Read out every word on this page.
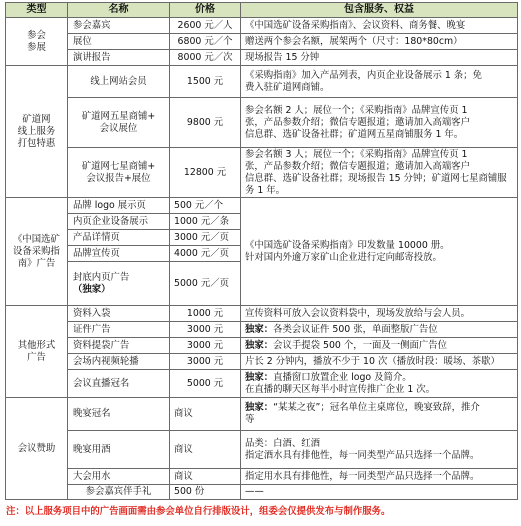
类型	名称	价格	包含服务、权益

参会
参展	参会嘉宾	2600 元／人	《中国选矿设备采购指南》、会议资料、商务餐、晚宴

	展位	6800 元／个	赠送两个参会名额，展架两个（尺寸：180*80cm）

	演讲报告	8000 元／次	现场报告 15 分钟

矿道网
线上服务
打包特惠	线上网站会员	1500 元	《采购指南》加入产品列表，内页企业设备展示 1 条；免
费入驻矿道网商铺。

	矿道网五星商铺+
会议展位	9800 元	参会名额 2 人；展位一个；《采购指南》品牌宣传页 1
张，产品参数介绍；微信专题报道；邀请加入高端客户
信息群、选矿设备社群；矿道网五星商铺服务 1 年。

	矿道网七星商铺+
会议报告+展位	12800 元	参会名额 3 人；展位一个；《采购指南》品牌宣传页 1
张，产品参数介绍；微信专题报道；邀请加入高端客户
信息群、选矿设备社群；现场报告 15 分钟；矿道网七星商铺服务 1 年。

《中国选矿
设备采购指
南》广告	品牌 logo 展示页	500 元／个	《中国选矿设备采购指南》印发数量 10000 册。
针对国内外逾万家矿山企业进行定向邮寄投放。

	内页企业设备展示	1000 元／条	
	产品详情页	3000 元／页	
	品牌宣传页	4000 元／页	

	封底内页广告
（独家）	5000 元／页	

其他形式
广告	资料入袋	1000 元	宣传资料可放入会议资料袋中，现场发放给与会人员。
	证件广告	3000 元	独家：各类会议证件 500 张，单面整版广告位
	资料提袋广告	3000 元	独家：会议手提袋 500 个，一面及一侧面广告位
	会场内视频轮播	3000 元	片长 2 分钟内，播放不少于 10 次（播放时段：暖场、茶歇）
	会议直播冠名	5000 元	独家：直播窗口放置企业 logo 及简介。
在直播的聊天区每半小时宣传推广企业 1 次。

会议赞助	晚宴冠名	商议	独家：“某某之夜”；冠名单位主桌席位，晚宴致辞，推介
等

	晚宴用酒	商议	品类：白酒、红酒
指定酒水具有排他性，每一同类型产品只选择一个品牌。

	大会用水	商议	指定用水具有排他性，每一同类型产品只选择一个品牌。
	参会嘉宾伴手礼	500 份	——
注：以上服务项目中的广告画面需由参会单位自行排版设计，组委会仅提供发布与制作服务。
